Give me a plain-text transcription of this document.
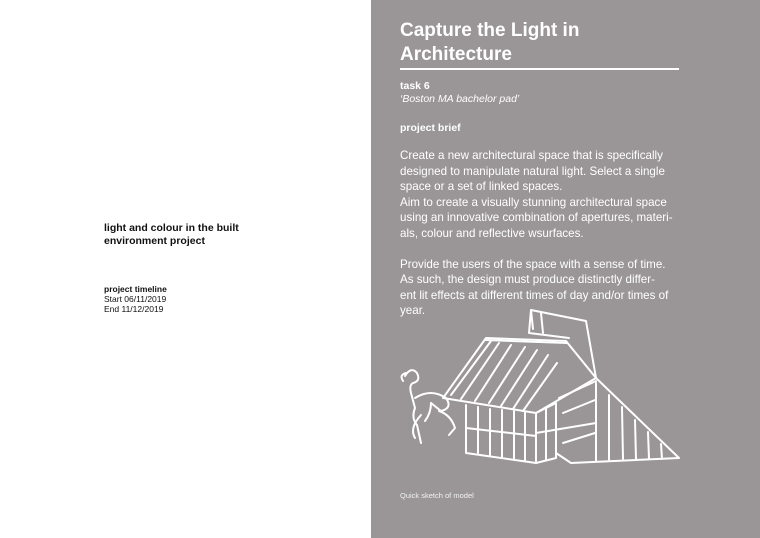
light and colour in the built
environment project
project timeline
Start 06/11/2019
End 11/12/2019
Capture the Light in
Architecture
task 6
‘Boston MA bachelor pad’
project brief
Create a new architectural space that is specifically
designed to manipulate natural light. Select a single
space or a set of linked spaces.
Aim to create a visually stunning architectural space
using an innovative combination of apertures, materi-
als, colour and reflective wsurfaces.
Provide the users of the space with a sense of time.
As such, the design must produce distinctly differ-
ent lit effects at different times of day and/or times of
year.
Quick sketch of model
